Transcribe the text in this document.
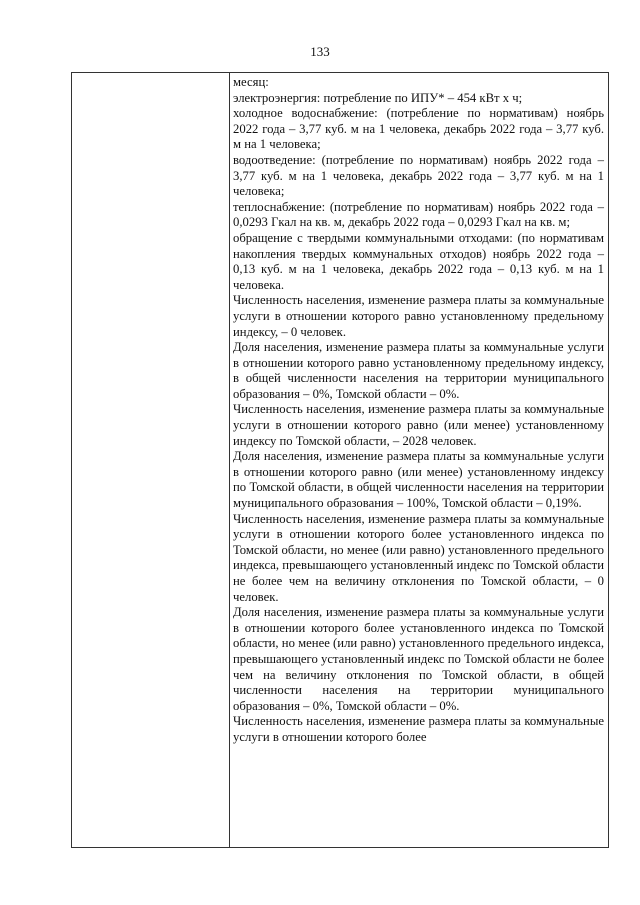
133

месяц:

электроэнергия: потребление по ИПУ* – 454 кВт х ч;

холодное водоснабжение: (потребление по нормативам) ноябрь 2022 года – 3,77 куб. м на 1 человека, декабрь 2022 года – 3,77 куб. м на 1 человека;

водоотведение: (потребление по нормативам) ноябрь 2022 года – 3,77 куб. м на 1 человека, декабрь 2022 года – 3,77 куб. м на 1 человека;

теплоснабжение: (потребление по нормативам) ноябрь 2022 года – 0,0293 Гкал на кв. м, декабрь 2022 года – 0,0293 Гкал на кв. м;

обращение с твердыми коммунальными отходами: (по нормативам накопления твердых коммунальных отходов) ноябрь 2022 года – 0,13 куб. м на 1 человека, декабрь 2022 года – 0,13 куб. м на 1 человека.

Численность населения, изменение размера платы за коммунальные услуги в отношении которого равно установленному предельному индексу, – 0 человек.

Доля населения, изменение размера платы за коммунальные услуги в отношении которого равно установленному предельному индексу, в общей численности населения на территории муниципального образования – 0%, Томской области – 0%.

Численность населения, изменение размера платы за коммунальные услуги в отношении которого равно (или менее) установленному индексу по Томской области, – 2028 человек.

Доля населения, изменение размера платы за коммунальные услуги в отношении которого равно (или менее) установленному индексу по Томской области, в общей численности населения на территории муниципального образования – 100%, Томской области – 0,19%.

Численность населения, изменение размера платы за коммунальные услуги в отношении которого более установленного индекса по Томской области, но менее (или равно) установленного предельного индекса, превышающего установленный индекс по Томской области не более чем на величину отклонения по Томской области, – 0 человек.

Доля населения, изменение размера платы за коммунальные услуги в отношении которого более установленного индекса по Томской области, но менее (или равно) установленного предельного индекса, превышающего установленный индекс по Томской области не более чем на величину отклонения по Томской области, в общей численности населения на территории муниципального образования – 0%, Томской области – 0%.

Численность населения, изменение размера платы за коммунальные услуги в отношении которого более
